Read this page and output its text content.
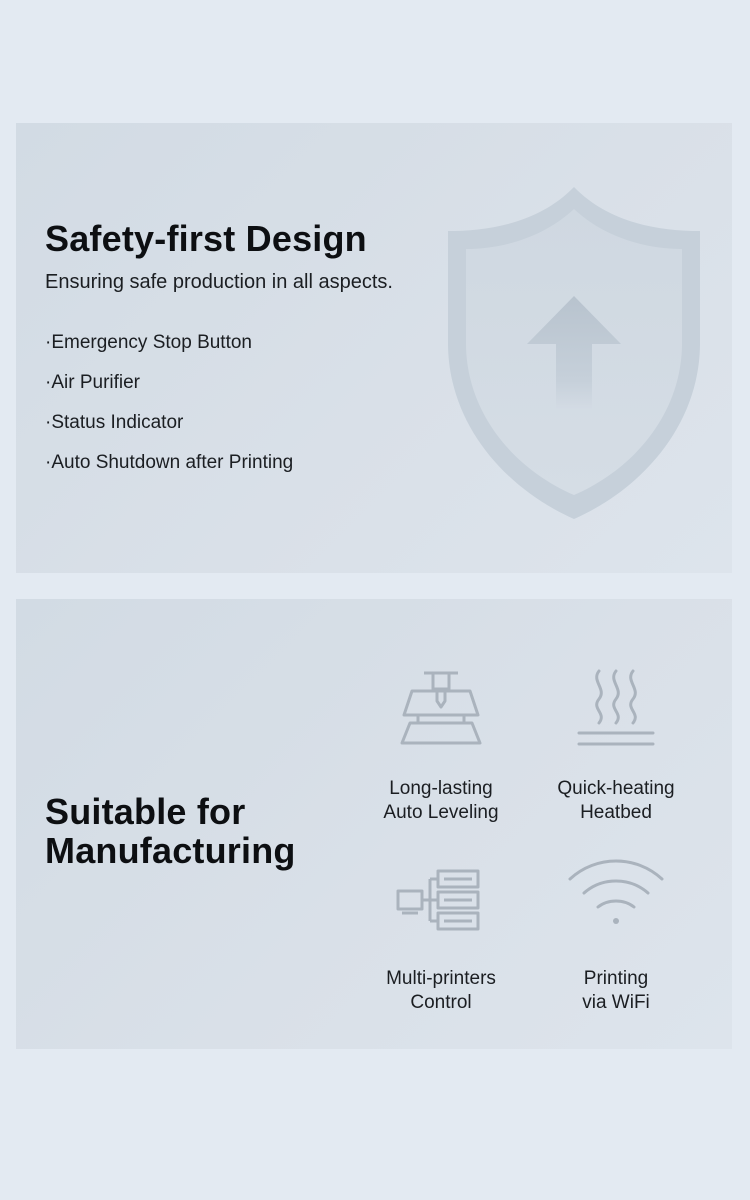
Safety-first Design
Ensuring safe production in all aspects.
·Emergency Stop Button
·Air Purifier
·Status Indicator
·Auto Shutdown after Printing
Suitable for Manufacturing
Long-lasting
Auto Leveling
Quick-heating
Heatbed
Multi-printers
Control
Printing
via WiFi
